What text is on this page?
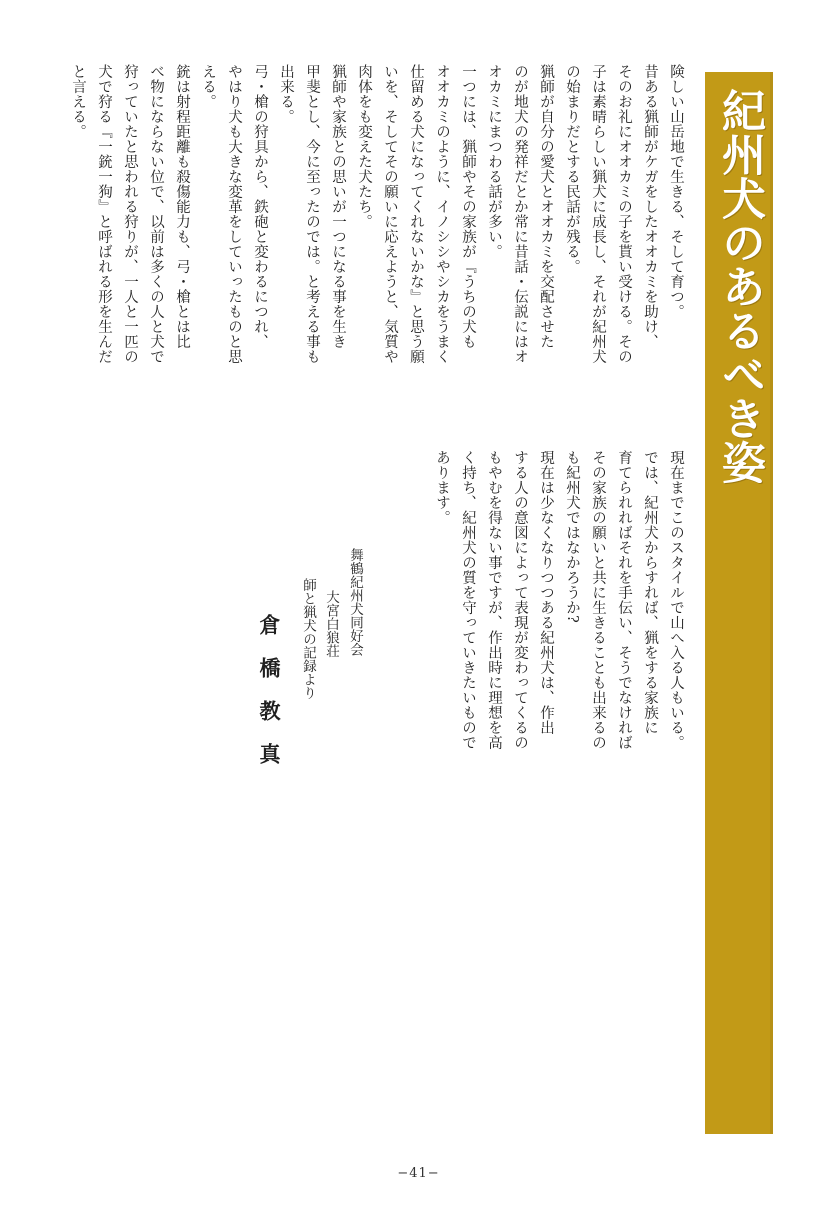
紀州犬のあるべき姿

険しい山岳地で生きる、そして育つ。

昔ある猟師がケガをしたオオカミを助け、

そのお礼にオオカミの子を貰い受ける。その

子は素晴らしい猟犬に成長し、それが紀州犬

の始まりだとする民話が残る。

猟師が自分の愛犬とオオカミを交配させた

のが地犬の発祥だとか常に昔話・伝説にはオ

オカミにまつわる話が多い。

一つには、猟師やその家族が『うちの犬も

オオカミのように、イノシシやシカをうまく

仕留める犬になってくれないかな』と思う願

いを、そしてその願いに応えようと、気質や

肉体をも変えた犬たち。

猟師や家族との思いが一つになる事を生き

甲斐とし、今に至ったのでは。と考える事も

出来る。

弓・槍の狩具から、鉄砲と変わるにつれ、

やはり犬も大きな変革をしていったものと思

える。

銃は射程距離も殺傷能力も、弓・槍とは比

べ物にならない位で、以前は多くの人と犬で

狩っていたと思われる狩りが、一人と一匹の

犬で狩る『一銃一狗』と呼ばれる形を生んだ

と言える。

現在までこのスタイルで山へ入る人もいる。

では、紀州犬からすれば、猟をする家族に

育てられればそれを手伝い、そうでなければ

その家族の願いと共に生きることも出来るの

も紀州犬ではなかろうか?

現在は少なくなりつつある紀州犬は、作出

する人の意図によって表現が変わってくるの

もやむを得ない事ですが、作出時に理想を高

く持ち、紀州犬の質を守っていきたいもので

あります。

舞鶴紀州犬同好会
大宮白狼荘
師と猟犬の記録より
倉橋教真
−41−
